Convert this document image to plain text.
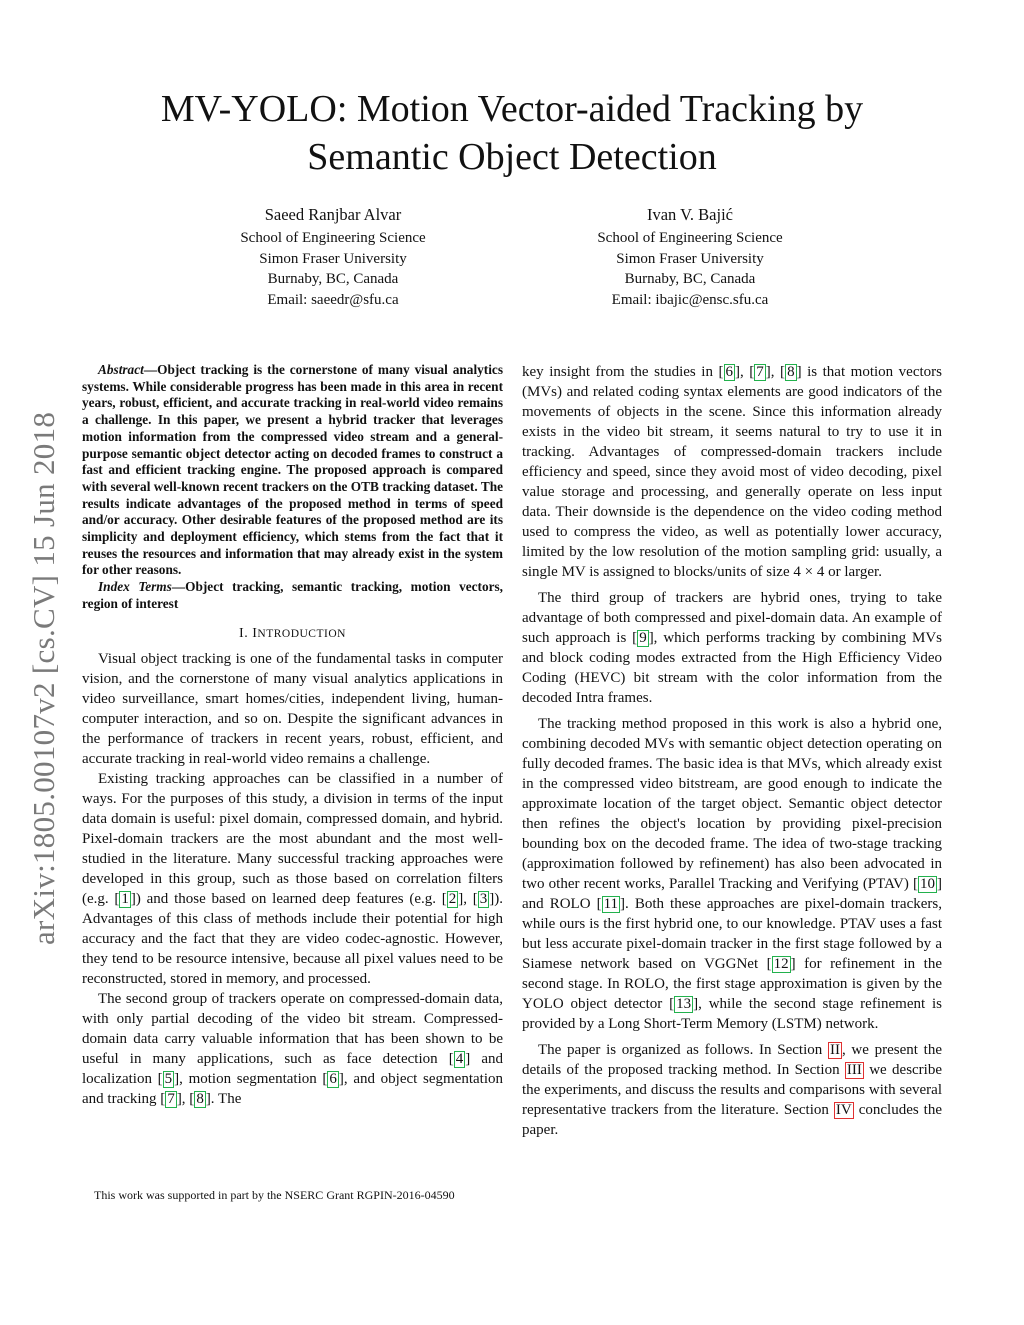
MV-YOLO: Motion Vector-aided Tracking by Semantic Object Detection
Saeed Ranjbar Alvar
School of Engineering Science
Simon Fraser University
Burnaby, BC, Canada
Email: saeedr@sfu.ca
Ivan V. Bajić
School of Engineering Science
Simon Fraser University
Burnaby, BC, Canada
Email: ibajic@ensc.sfu.ca
arXiv:1805.00107v2 [cs.CV] 15 Jun 2018

Abstract—Object tracking is the cornerstone of many visual analytics systems. While considerable progress has been made in this area in recent years, robust, efficient, and accurate tracking in real-world video remains a challenge. In this paper, we present a hybrid tracker that leverages motion information from the compressed video stream and a general-purpose semantic object detector acting on decoded frames to construct a fast and efficient tracking engine. The proposed approach is compared with several well-known recent trackers on the OTB tracking dataset. The results indicate advantages of the proposed method in terms of speed and/or accuracy. Other desirable features of the proposed method are its simplicity and deployment efficiency, which stems from the fact that it reuses the resources and information that may already exist in the system for other reasons.

Index Terms—Object tracking, semantic tracking, motion vectors, region of interest

I. INTRODUCTION

Visual object tracking is one of the fundamental tasks in computer vision, and the cornerstone of many visual analytics applications in video surveillance, smart homes/cities, independent living, human-computer interaction, and so on. Despite the significant advances in the performance of trackers in recent years, robust, efficient, and accurate tracking in real-world video remains a challenge.

Existing tracking approaches can be classified in a number of ways. For the purposes of this study, a division in terms of the input data domain is useful: pixel domain, compressed domain, and hybrid. Pixel-domain trackers are the most abundant and the most well-studied in the literature. Many successful tracking approaches were developed in this group, such as those based on correlation filters (e.g. [ 1 ]) and those based on learned deep features (e.g. [ 2 ], [ 3 ]). Advantages of this class of methods include their potential for high accuracy and the fact that they are video codec-agnostic. However, they tend to be resource intensive, because all pixel values need to be reconstructed, stored in memory, and processed.

The second group of trackers operate on compressed-domain data, with only partial decoding of the video bit stream. Compressed-domain data carry valuable information that has been shown to be useful in many applications, such as face detection [ 4 ] and localization [ 5 ], motion segmentation [ 6 ], and object segmentation and tracking [ 7 ], [ 8 ]. The

This work was supported in part by the NSERC Grant RGPIN-2016-04590

key insight from the studies in [ 6 ], [ 7 ], [ 8 ] is that motion vectors (MVs) and related coding syntax elements are good indicators of the movements of objects in the scene. Since this information already exists in the video bit stream, it seems natural to try to use it in tracking. Advantages of compressed-domain trackers include efficiency and speed, since they avoid most of video decoding, pixel value storage and processing, and generally operate on less input data. Their downside is the dependence on the video coding method used to compress the video, as well as potentially lower accuracy, limited by the low resolution of the motion sampling grid: usually, a single MV is assigned to blocks/units of size 4 × 4 or larger.

The third group of trackers are hybrid ones, trying to take advantage of both compressed and pixel-domain data. An example of such approach is [ 9 ], which performs tracking by combining MVs and block coding modes extracted from the High Efficiency Video Coding (HEVC) bit stream with the color information from the decoded Intra frames.

The tracking method proposed in this work is also a hybrid one, combining decoded MVs with semantic object detection operating on fully decoded frames. The basic idea is that MVs, which already exist in the compressed video bitstream, are good enough to indicate the approximate location of the target object. Semantic object detector then refines the object's location by providing pixel-precision bounding box on the decoded frame. The idea of two-stage tracking (approximation followed by refinement) has also been advocated in two other recent works, Parallel Tracking and Verifying (PTAV) [ 10 ] and ROLO [ 11 ]. Both these approaches are pixel-domain trackers, while ours is the first hybrid one, to our knowledge. PTAV uses a fast but less accurate pixel-domain tracker in the first stage followed by a Siamese network based on VGGNet [ 12 ] for refinement in the second stage. In ROLO, the first stage approximation is given by the YOLO object detector [ 13 ], while the second stage refinement is provided by a Long Short-Term Memory (LSTM) network.

The paper is organized as follows. In Section II , we present the details of the proposed tracking method. In Section III we describe the experiments, and discuss the results and comparisons with several representative trackers from the literature. Section IV concludes the paper.
